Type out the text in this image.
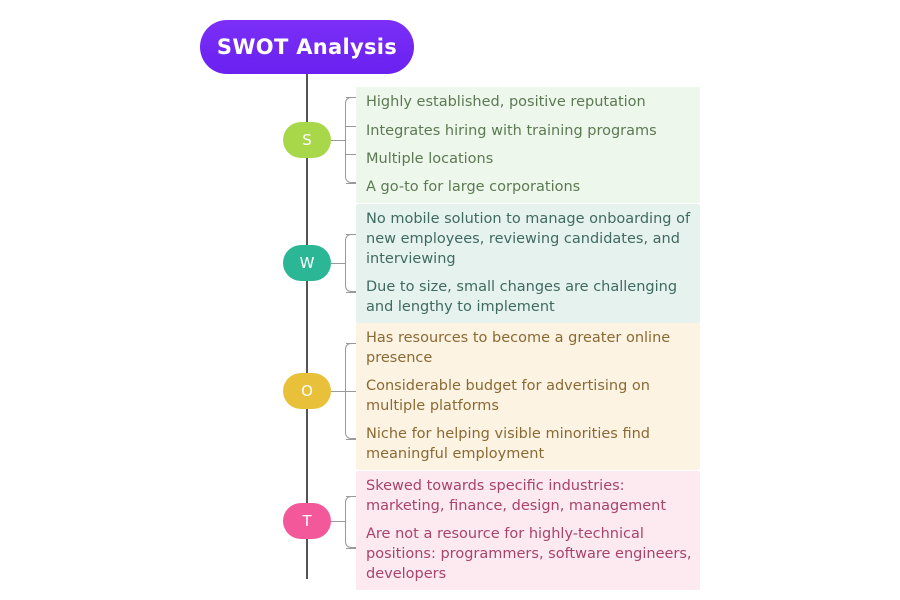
SWOT Analysis
S
Highly established, positive reputation
Integrates hiring with training programs
Multiple locations
A go-to for large corporations
W
No mobile solution to manage onboarding of new employees, reviewing candidates, and interviewing
Due to size, small changes are challenging and lengthy to implement
O
Has resources to become a greater online presence
Considerable budget for advertising on multiple platforms
Niche for helping visible minorities find meaningful employment
T
Skewed towards specific industries: marketing, finance, design, management
Are not a resource for highly-technical positions: programmers, software engineers, developers
